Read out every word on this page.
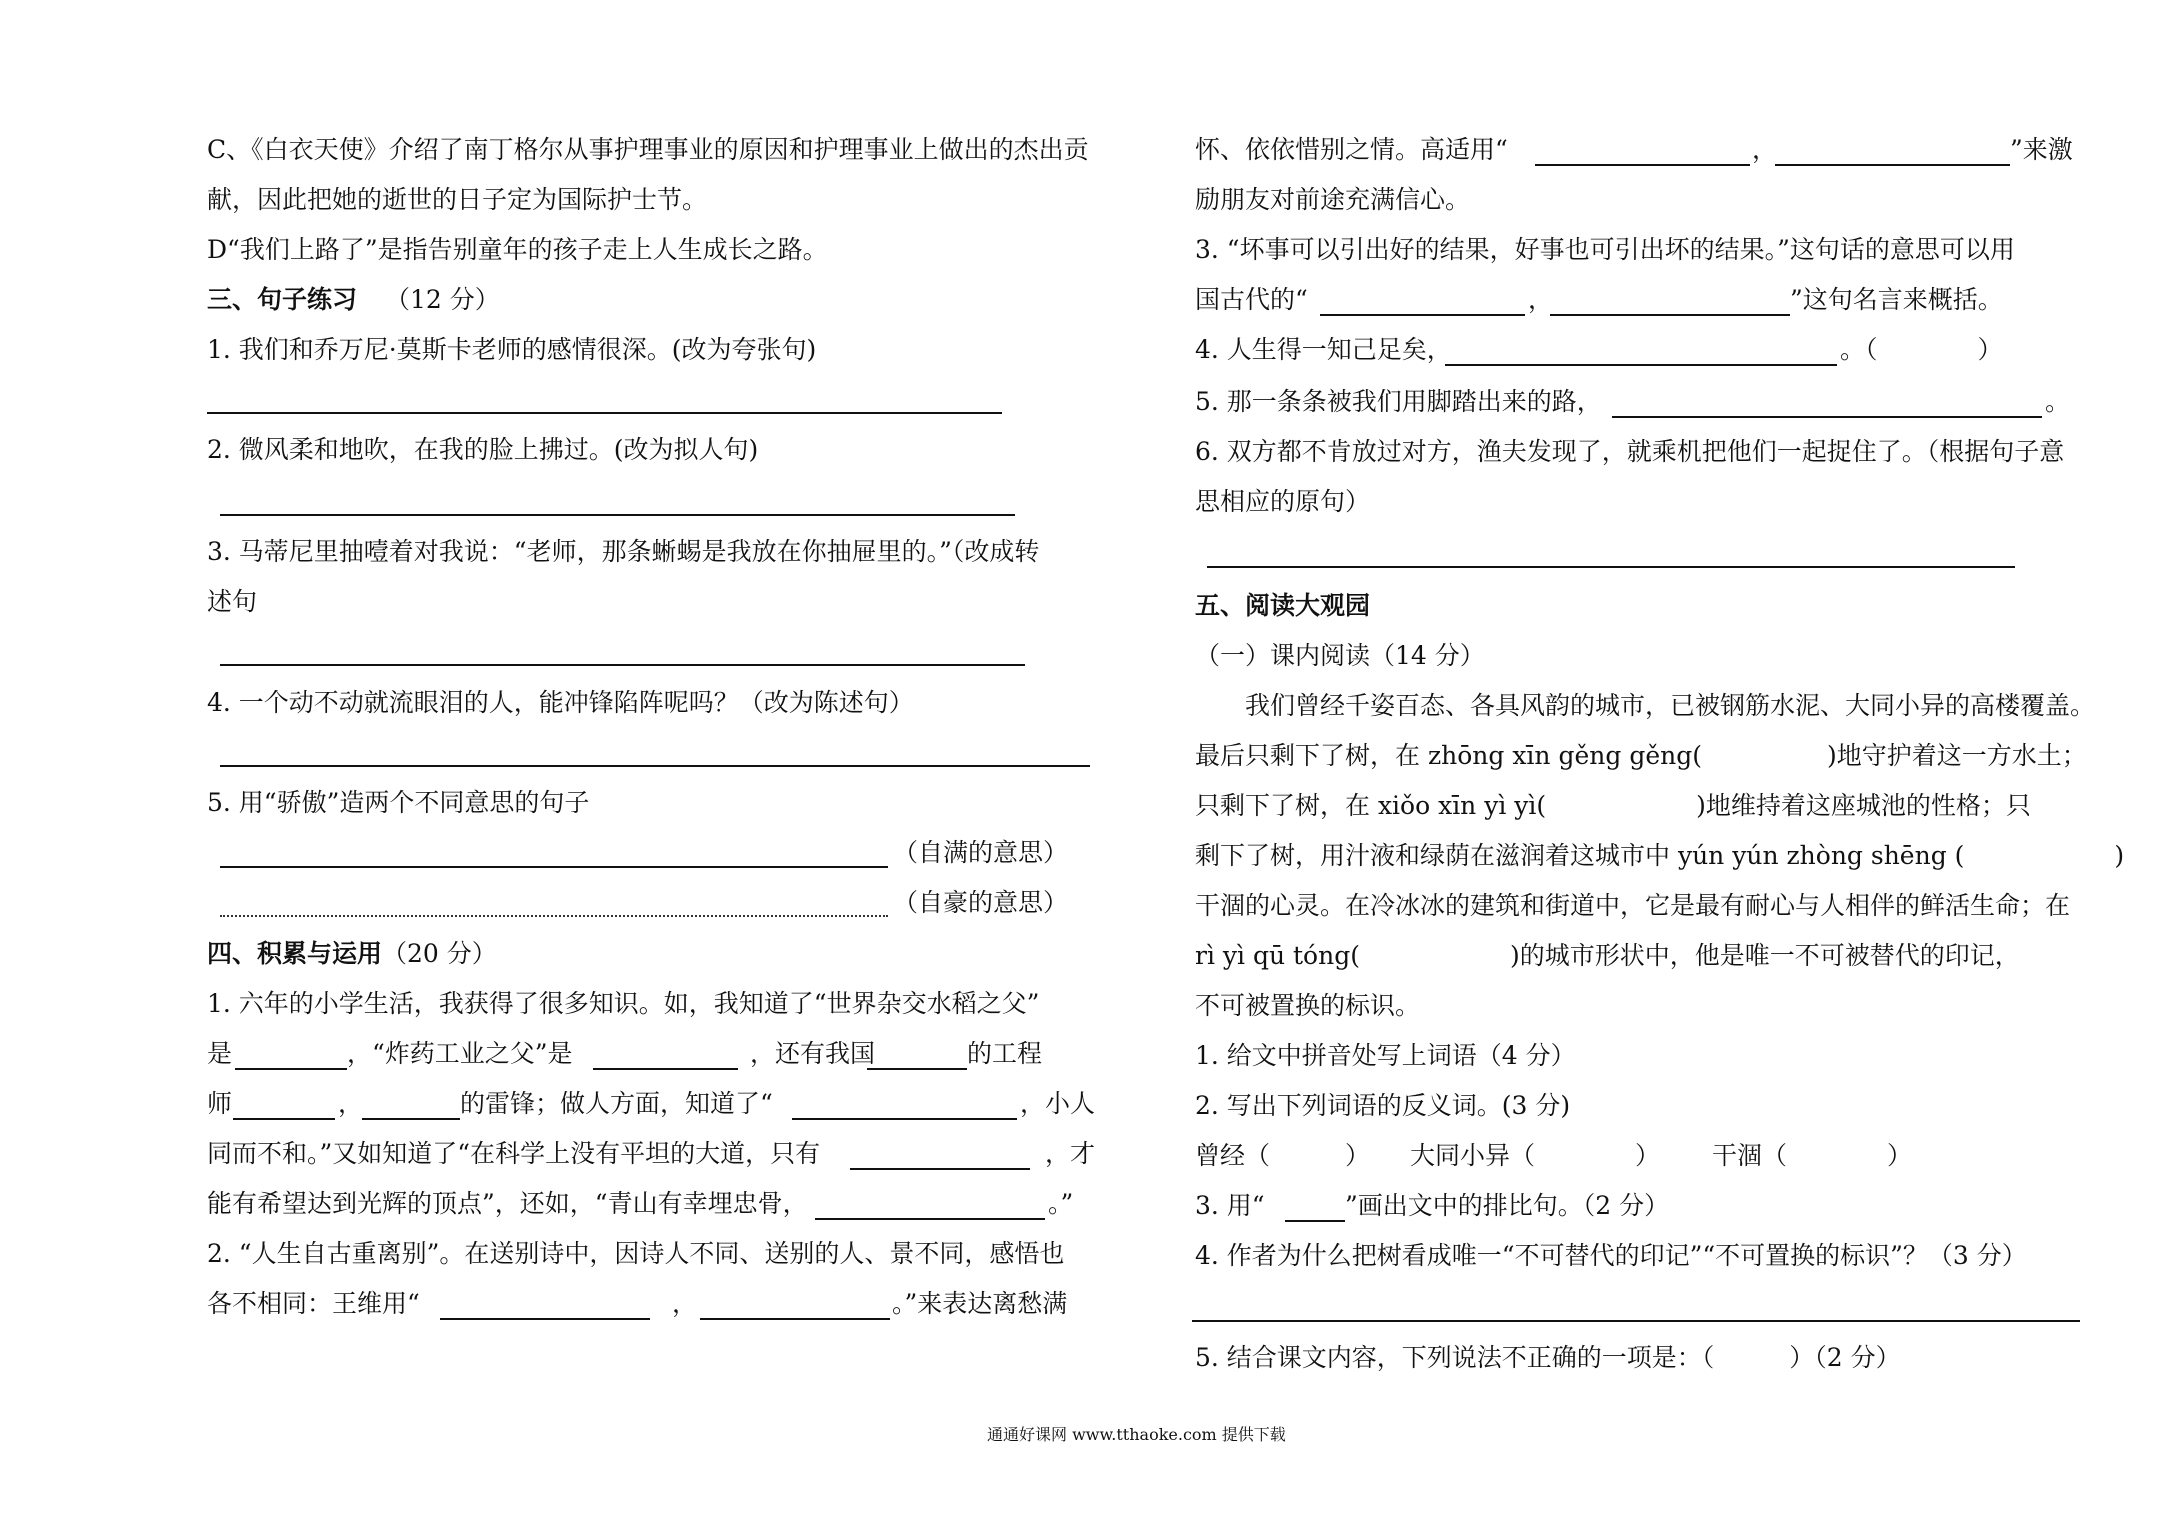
C、《白衣天使》介绍了南丁格尔从事护理事业的原因和护理事业上做出的杰出贡
献，因此把她的逝世的日子定为国际护士节。
D“我们上路了”是指告别童年的孩子走上人生成长之路。
三、句子练习 （12 分）
1. 我们和乔万尼·莫斯卡老师的感情很深。(改为夸张句)
2. 微风柔和地吹，在我的脸上拂过。(改为拟人句)
3. 马蒂尼里抽噎着对我说：“老师，那条蜥蜴是我放在你抽屉里的。”（改成转
述句
4. 一个动不动就流眼泪的人，能冲锋陷阵呢吗？（改为陈述句）
5. 用“骄傲”造两个不同意思的句子
（自满的意思）
（自豪的意思）
四、积累与运用（20 分）
1. 六年的小学生活，我获得了很多知识。如，我知道了“世界杂交水稻之父”
是	，“炸药工业之父”是	，还有我国	的工程
师	，	的雷锋；做人方面，知道了“	，小人
同而不和。”又如知道了“在科学上没有平坦的大道，只有	，才
能有希望达到光辉的顶点”，还如，“青山有幸埋忠骨，	。”
2. “人生自古重离别”。在送别诗中，因诗人不同、送别的人、景不同，感悟也
各不相同：王维用“	，	。”来表达离愁满
怀、依依惜别之情。高适用“	，	”来激
励朋友对前途充满信心。
3. “坏事可以引出好的结果，好事也可引出坏的结果。”这句话的意思可以用
国古代的“	，	”这句名言来概括。
4. 人生得一知己足矣，	。（　　　　）
5. 那一条条被我们用脚踏出来的路，	。
6. 双方都不肯放过对方，渔夫发现了，就乘机把他们一起捉住了。（根据句子意
思相应的原句）
五、阅读大观园
（一）课内阅读（14 分）
我们曾经千姿百态、各具风韵的城市，已被钢筋水泥、大同小异的高楼覆盖。
最后只剩下了树，在 zhōng xīn gěng gěng(　　　　　)地守护着这一方水土；
只剩下了树，在 xiǒo xīn yì yì(　　　　　　)地维持着这座城池的性格；只
剩下了树，用汁液和绿荫在滋润着这城市中 yún yún zhòng shēng (　　　　　　)
干涸的心灵。在冷冰冰的建筑和街道中，它是最有耐心与人相伴的鲜活生命；在
rì yì qū tóng(　　　　　　)的城市形状中，他是唯一不可被替代的印记，
不可被置换的标识。
1. 给文中拼音处写上词语（4 分）
2. 写出下列词语的反义词。(3 分)
曾经（　　　） 大同小异（　　　　） 干涸（　　　　）
3. 用“	”画出文中的排比句。（2 分）
4. 作者为什么把树看成唯一“不可替代的印记”“不可置换的标识”？（3 分）
5. 结合课文内容，下列说法不正确的一项是：（　　　）（2 分）
通通好课网 www.tthaoke.com 提供下载
